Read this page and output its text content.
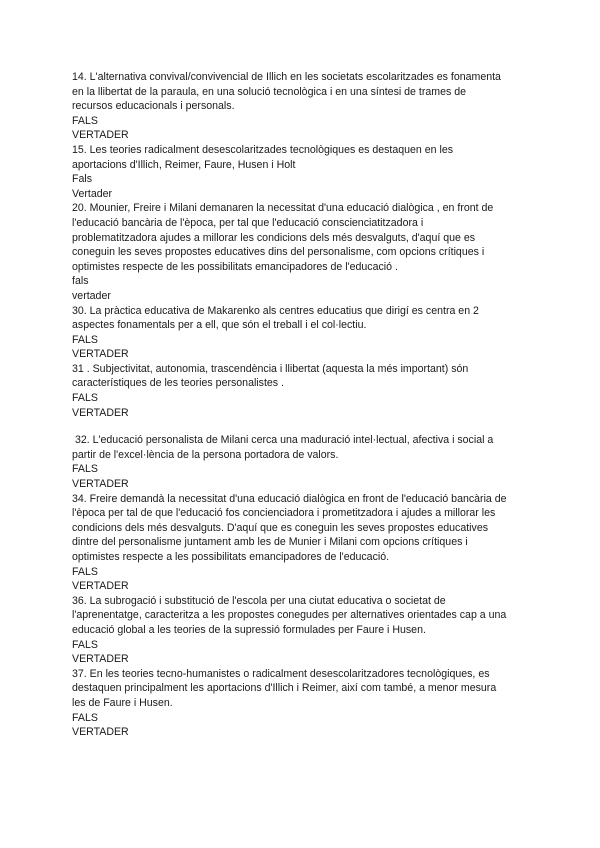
14. L'alternativa convival/convivencial de Illich en les societats escolaritzades es fonamenta
en la llibertat de la paraula, en una solució tecnològica i en una síntesi de trames de
recursos educacionals i personals.
FALS
VERTADER
15. Les teories radicalment desescolaritzades tecnològiques es destaquen en les
aportacions d'Illich, Reimer, Faure, Husen i Holt
Fals
Vertader
20. Mounier, Freire i Milani demanaren la necessitat d'una educació dialògica , en front de
l'educació bancària de l'època, per tal que l'educació conscienciatitzadora i
problematitzadora ajudes a millorar les condicions dels més desvalguts, d'aquí que es
coneguin les seves propostes educatives dins del personalisme, com opcions crítiques i
optimistes respecte de les possibilitats emancipadores de l'educació .
fals
vertader
30. La pràctica educativa de Makarenko als centres educatius que dirigí es centra en 2
aspectes fonamentals per a ell, que són el treball i el col·lectiu.
FALS
VERTADER
31 . Subjectivitat, autonomia, trascendència i llibertat (aquesta la més important) són
característiques de les teories personalistes .
FALS
VERTADER
32. L'educació personalista de Milani cerca una maduració intel·lectual, afectiva i social a
partir de l'excel·lència de la persona portadora de valors.
FALS
VERTADER
34. Freire demandà la necessitat d'una educació dialògica en front de l'educació bancària de
l'època per tal de que l'educació fos concienciadora i prometitzadora i ajudes a millorar les
condicions dels més desvalguts. D'aquí que es coneguin les seves propostes educatives
dintre del personalisme juntament amb les de Munier i Milani com opcions crítiques i
optimistes respecte a les possibilitats emancipadores de l'educació.
FALS
VERTADER
36. La subrogació i substitució de l'escola per una ciutat educativa o societat de
l'aprenentatge, caracteritza a les propostes conegudes per alternatives orientades cap a una
educació global a les teories de la supressió formulades per Faure i Husen.
FALS
VERTADER
37. En les teories tecno-humanistes o radicalment desescolaritzadores tecnològiques, es
destaquen principalment les aportacions d'Illich i Reimer, així com també, a menor mesura
les de Faure i Husen.
FALS
VERTADER
